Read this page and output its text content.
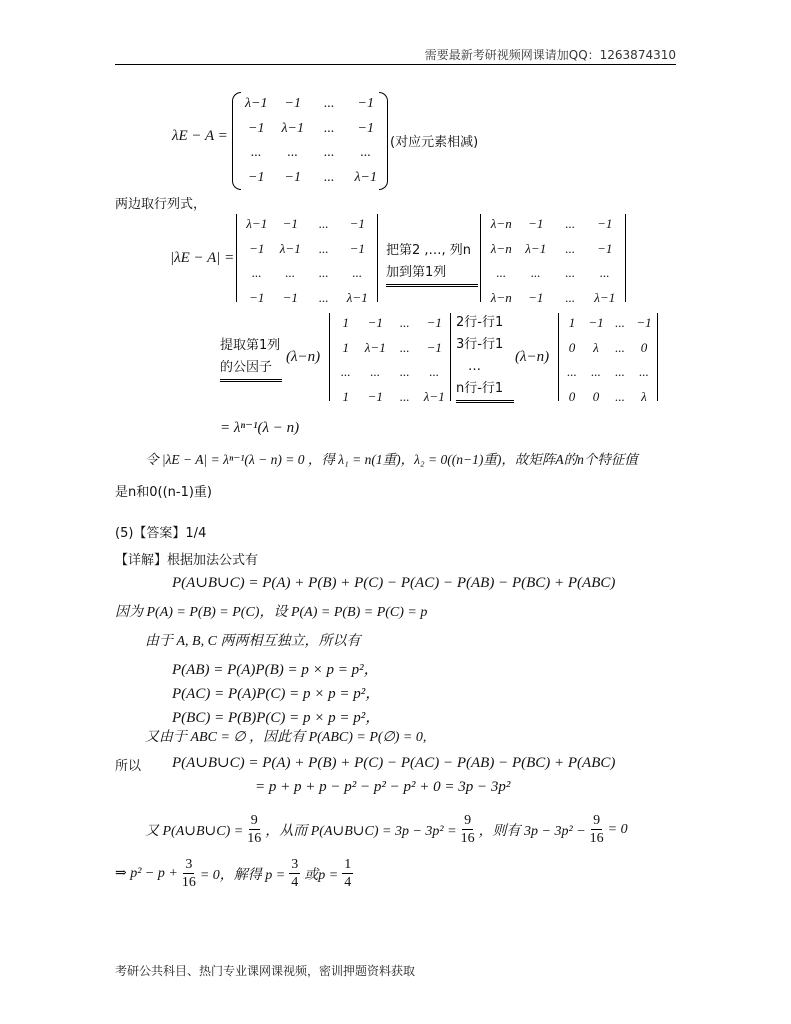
需要最新考研视频网课请加QQ：1263874310
λE − A =
λ−1	−1	...	−1
−1	λ−1	...	−1
...	...	...	...
−1	−1	...	λ−1
(对应元素相减)
两边取行列式，
|λE − A| =
λ−1	−1	...	−1
−1	λ−1	...	−1
...	...	...	...
−1	−1	...	λ−1
把第2 ,…, 列n
加到第1列
λ−n	−1	...	−1
λ−n	λ−1	...	−1
...	...	...	...
λ−n	−1	...	λ−1
提取第1列
的公因子
(λ−n)
1	−1	...	−1
1	λ−1	...	−1
...	...	...	...
1	−1	...	λ−1
2行-行1
3行-行1
…
n行-行1
(λ−n)
1	−1 ... −1
0	λ	...	0
...	...	...	...
0	0	...	λ
= λⁿ⁻¹(λ − n)
令 |λE − A| = λⁿ⁻¹(λ − n) = 0 ，得 λ₁ = n(1重)，λ₂ = 0((n−1)重)，故矩阵A的n个特征值
是n和0((n-1)重)
(5)【答案】1/4
【详解】根据加法公式有
P(A∪B∪C) = P(A) + P(B) + P(C) − P(AC) − P(AB) − P(BC) + P(ABC)
因为 P(A) = P(B) = P(C)，设 P(A) = P(B) = P(C) = p
由于 A, B, C 两两相互独立，所以有
P(AB) = P(A)P(B) = p × p = p²，
P(AC) = P(A)P(C) = p × p = p²，
P(BC) = P(B)P(C) = p × p = p²，
又由于 ABC = ∅ ，因此有 P(ABC) = P(∅) = 0,
所以 P(A∪B∪C) = P(A) + P(B) + P(C) − P(AC) − P(AB) − P(BC) + P(ABC)
= p + p + p − p² − p² − p² + 0 = 3p − 3p²
又 P(A∪B∪C) = $\frac{9}{16}$ ，从而 P(A∪B∪C) = $3p - 3p^2 = \frac{9}{16}$ ，则有 $3p - 3p^2 - \frac{9}{16} = 0$
⇒ $p^2 - p + \frac{3}{16} = 0$，解得 $p = \frac{3}{4}$ 或$p = \frac{1}{4}$
考研公共科目、热门专业课网课视频，密训押题资料获取
